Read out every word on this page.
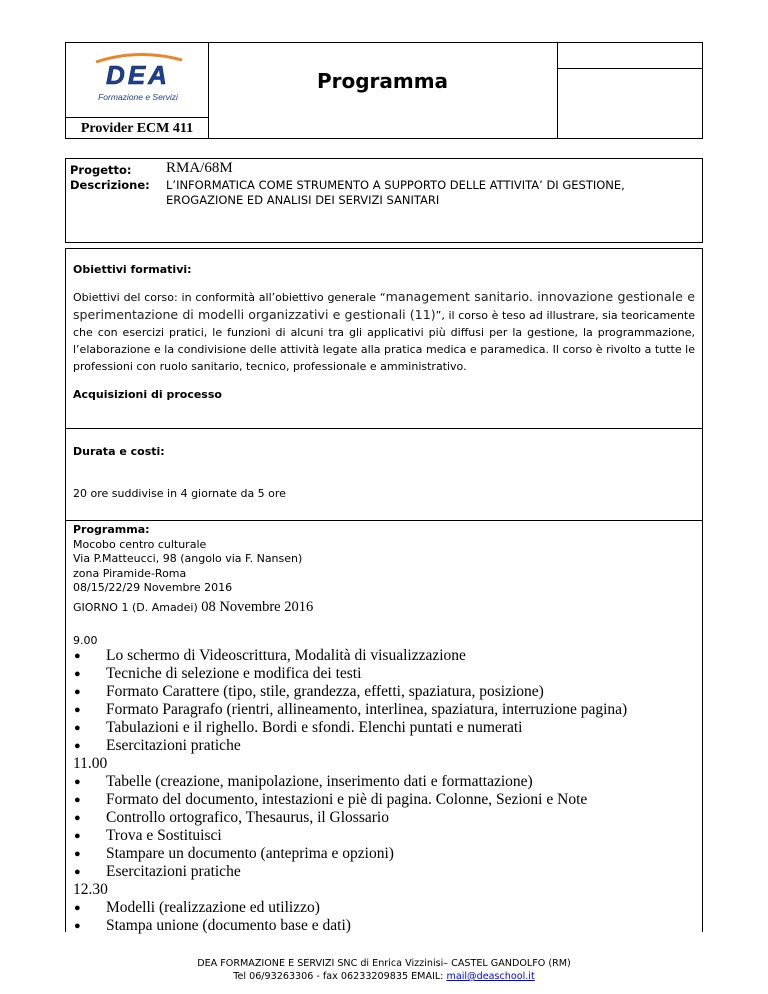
DEA
Formazione e Servizi
Provider ECM 411
Programma
Progetto: RMA/68M
Descrizione: L’INFORMATICA COME STRUMENTO A SUPPORTO DELLE ATTIVITA’ DI GESTIONE,
EROGAZIONE ED ANALISI DEI SERVIZI SANITARI
Obiettivi formativi:
Obiettivi del corso: in conformità all’obiettivo generale “management sanitario. innovazione gestionale e sperimentazione di modelli organizzativi e gestionali (11)”, il corso è teso ad illustrare, sia teoricamente che con esercizi pratici, le funzioni di alcuni tra gli applicativi più diffusi per la gestione, la programmazione, l’elaborazione e la condivisione delle attività legate alla pratica medica e paramedica. Il corso è rivolto a tutte le professioni con ruolo sanitario, tecnico, professionale e amministrativo.
Acquisizioni di processo
Durata e costi:
20 ore suddivise in 4 giornate da 5 ore
Programma:
Mocobo centro culturale
Via P.Matteucci, 98 (angolo via F. Nansen)
zona Piramide-Roma
08/15/22/29 Novembre 2016
GIORNO 1 (D. Amadei) 08 Novembre 2016
9.00
● Lo schermo di Videoscrittura, Modalità di visualizzazione
● Tecniche di selezione e modifica dei testi
● Formato Carattere (tipo, stile, grandezza, effetti, spaziatura, posizione)
● Formato Paragrafo (rientri, allineamento, interlinea, spaziatura, interruzione pagina)
● Tabulazioni e il righello. Bordi e sfondi. Elenchi puntati e numerati
● Esercitazioni pratiche
11.00
● Tabelle (creazione, manipolazione, inserimento dati e formattazione)
● Formato del documento, intestazioni e piè di pagina. Colonne, Sezioni e Note
● Controllo ortografico, Thesaurus, il Glossario
● Trova e Sostituisci
● Stampare un documento (anteprima e opzioni)
● Esercitazioni pratiche
12.30
● Modelli (realizzazione ed utilizzo)
● Stampa unione (documento base e dati)
DEA FORMAZIONE E SERVIZI SNC di Enrica Vizzinisi– CASTEL GANDOLFO (RM)
Tel 06/93263306 - fax 06233209835 EMAIL: mail@deaschool.it
